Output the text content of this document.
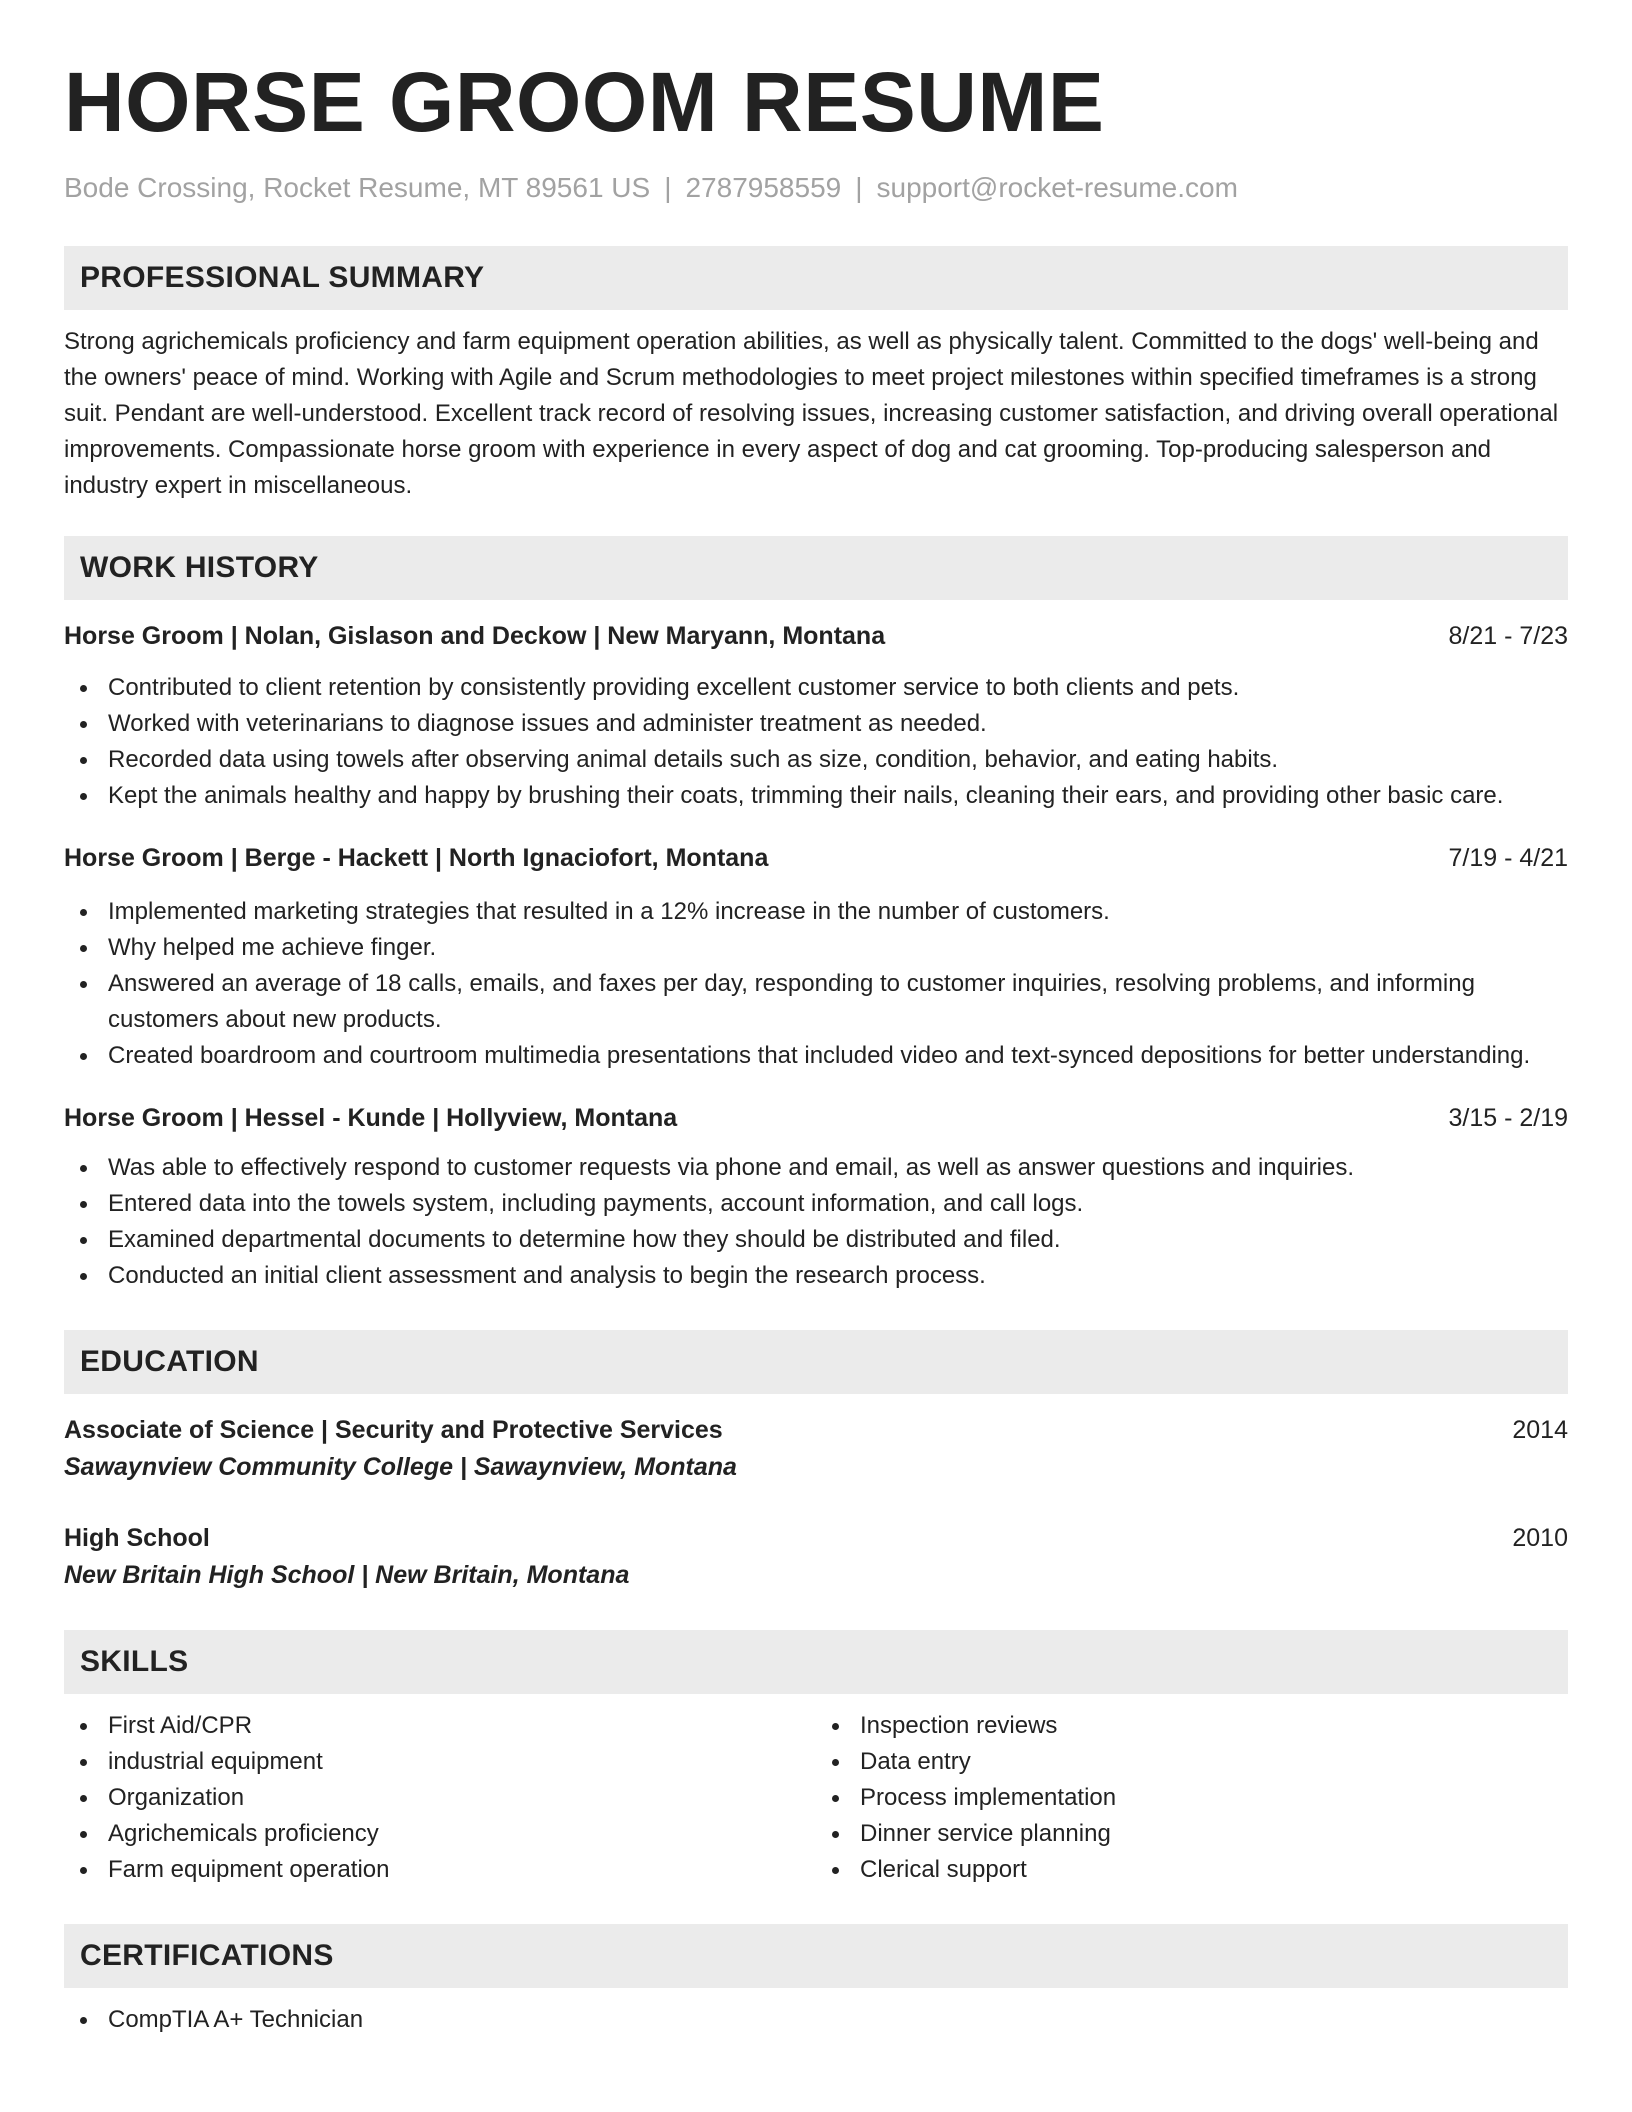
HORSE GROOM RESUME
Bode Crossing, Rocket Resume, MT 89561 US | 2787958559 | support@rocket-resume.com
PROFESSIONAL SUMMARY
Strong agrichemicals proficiency and farm equipment operation abilities, as well as physically talent. Committed to the dogs' well-being and the owners' peace of mind. Working with Agile and Scrum methodologies to meet project milestones within specified timeframes is a strong suit. Pendant are well-understood. Excellent track record of resolving issues, increasing customer satisfaction, and driving overall operational improvements. Compassionate horse groom with experience in every aspect of dog and cat grooming. Top-producing salesperson and industry expert in miscellaneous.
WORK HISTORY
Horse Groom | Nolan, Gislason and Deckow | New Maryann, Montana	8/21 - 7/23
Contributed to client retention by consistently providing excellent customer service to both clients and pets.
Worked with veterinarians to diagnose issues and administer treatment as needed.
Recorded data using towels after observing animal details such as size, condition, behavior, and eating habits.
Kept the animals healthy and happy by brushing their coats, trimming their nails, cleaning their ears, and providing other basic care.
Horse Groom | Berge - Hackett | North Ignaciofort, Montana	7/19 - 4/21
Implemented marketing strategies that resulted in a 12% increase in the number of customers.
Why helped me achieve finger.
Answered an average of 18 calls, emails, and faxes per day, responding to customer inquiries, resolving problems, and informing customers about new products.
Created boardroom and courtroom multimedia presentations that included video and text-synced depositions for better understanding.
Horse Groom | Hessel - Kunde | Hollyview, Montana	3/15 - 2/19
Was able to effectively respond to customer requests via phone and email, as well as answer questions and inquiries.
Entered data into the towels system, including payments, account information, and call logs.
Examined departmental documents to determine how they should be distributed and filed.
Conducted an initial client assessment and analysis to begin the research process.
EDUCATION
Associate of Science | Security and Protective Services	2014
Sawaynview Community College | Sawaynview, Montana
High School	2010
New Britain High School | New Britain, Montana
SKILLS
First Aid/CPR
industrial equipment
Organization
Agrichemicals proficiency
Farm equipment operation
Inspection reviews
Data entry
Process implementation
Dinner service planning
Clerical support
CERTIFICATIONS
CompTIA A+ Technician
